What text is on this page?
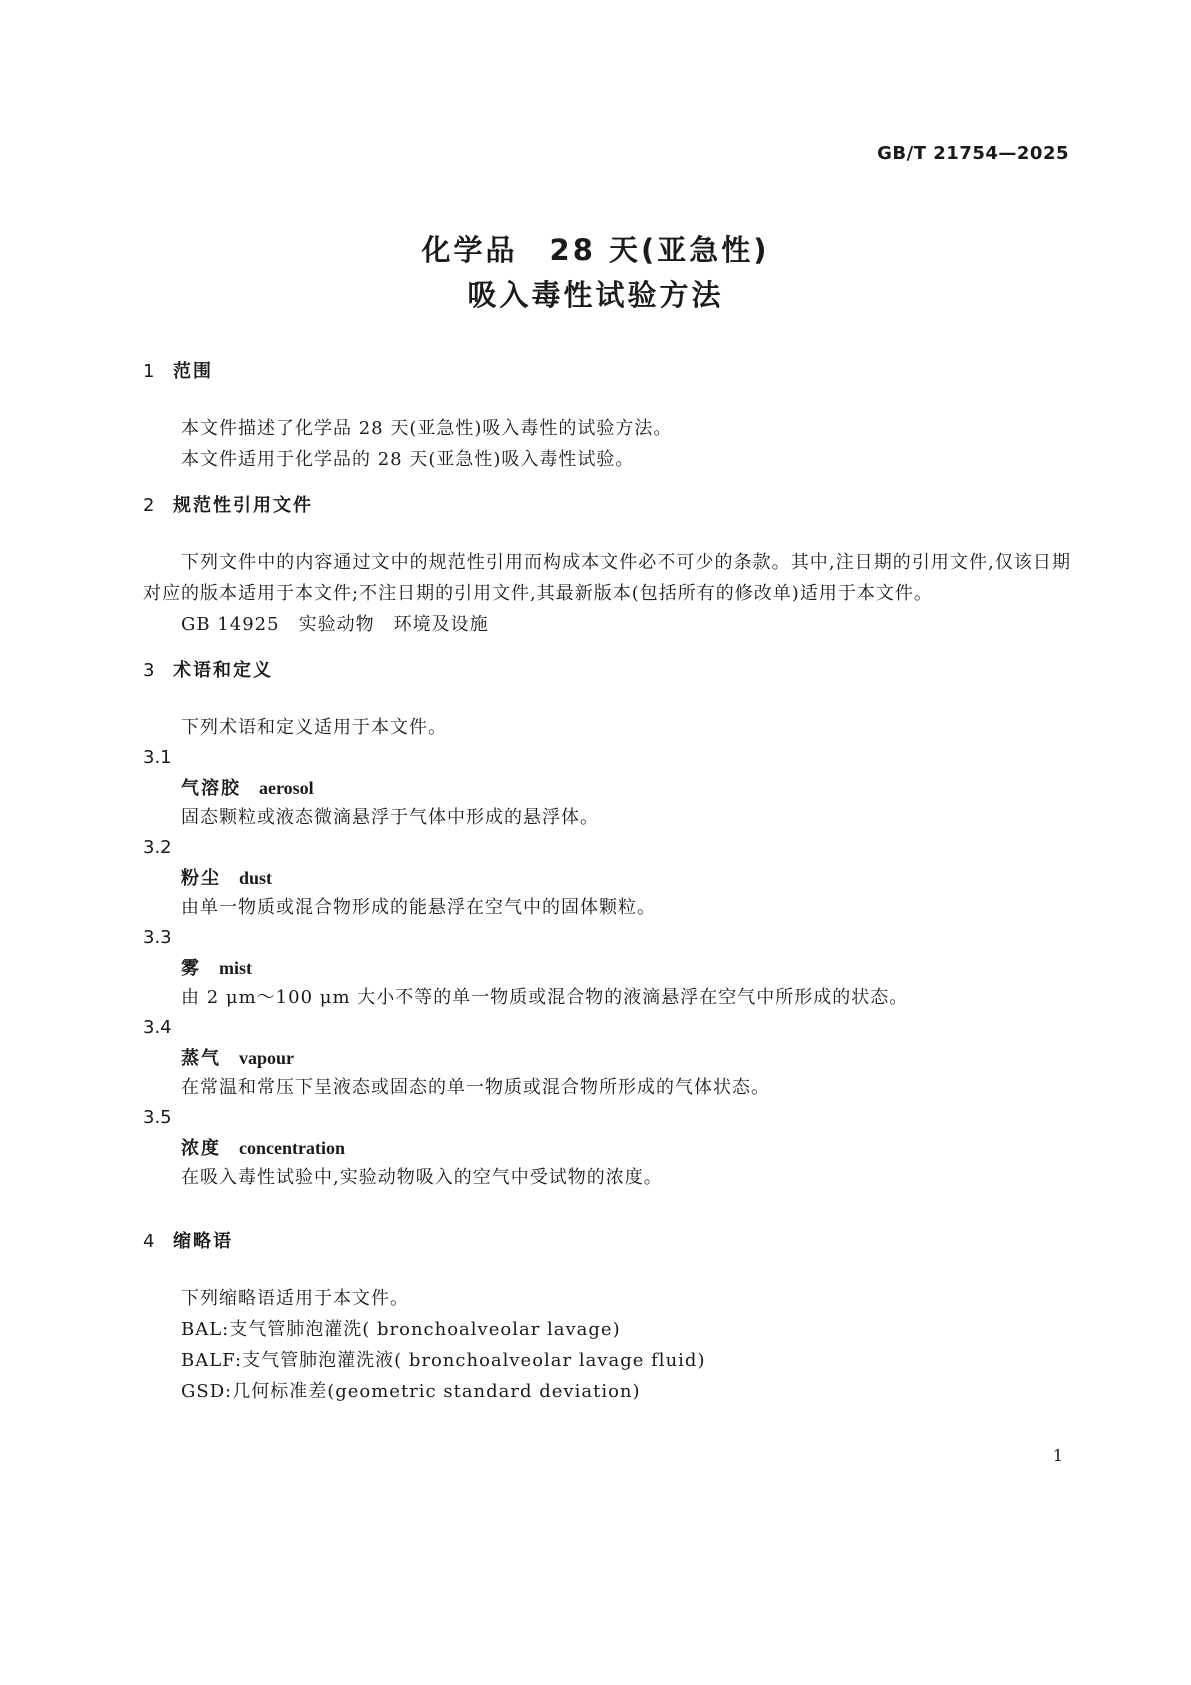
GB/T 21754—2025
化学品　28 天(亚急性)
吸入毒性试验方法
1 范围

本文件描述了化学品 28 天(亚急性)吸入毒性的试验方法。

本文件适用于化学品的 28 天(亚急性)吸入毒性试验。

2 规范性引用文件

下列文件中的内容通过文中的规范性引用而构成本文件必不可少的条款。其中,注日期的引用文件,仅该日期对应的版本适用于本文件;不注日期的引用文件,其最新版本(包括所有的修改单)适用于本文件。

GB 14925　实验动物　环境及设施

3 术语和定义

下列术语和定义适用于本文件。

3.1
气溶胶 aerosol
固态颗粒或液态微滴悬浮于气体中形成的悬浮体。
3.2
粉尘 dust
由单一物质或混合物形成的能悬浮在空气中的固体颗粒。
3.3
雾 mist
由 2 μm～100 μm 大小不等的单一物质或混合物的液滴悬浮在空气中所形成的状态。
3.4
蒸气 vapour
在常温和常压下呈液态或固态的单一物质或混合物所形成的气体状态。
3.5
浓度 concentration
在吸入毒性试验中,实验动物吸入的空气中受试物的浓度。
4 缩略语

下列缩略语适用于本文件。

BAL:支气管肺泡灌洗( bronchoalveolar lavage)

BALF:支气管肺泡灌洗液( bronchoalveolar lavage fluid)

GSD:几何标准差(geometric standard deviation)

1
